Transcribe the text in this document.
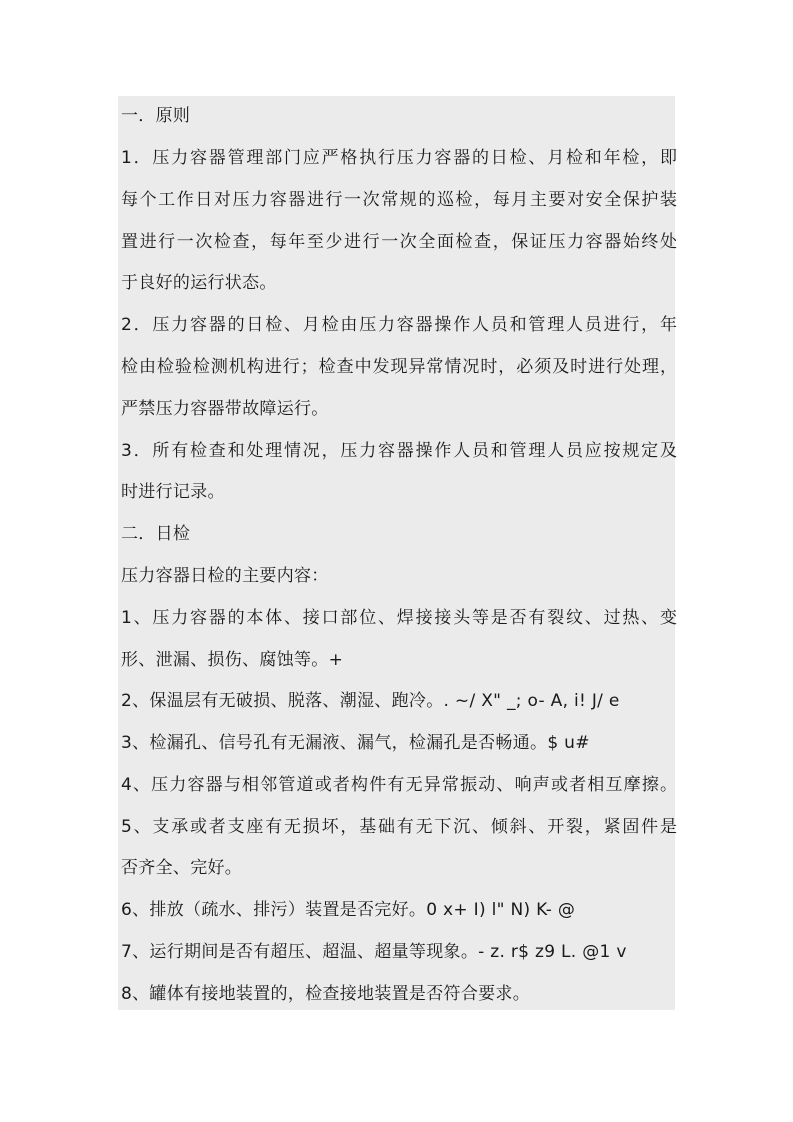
一．原则
1．压力容器管理部门应严格执行压力容器的日检、月检和年检，即
每个工作日对压力容器进行一次常规的巡检，每月主要对安全保护装
置进行一次检查，每年至少进行一次全面检查，保证压力容器始终处
于良好的运行状态。
2．压力容器的日检、月检由压力容器操作人员和管理人员进行，年
检由检验检测机构进行；检查中发现异常情况时，必须及时进行处理，
严禁压力容器带故障运行。
3．所有检查和处理情况，压力容器操作人员和管理人员应按规定及
时进行记录。
二．日检
压力容器日检的主要内容：
1、压力容器的本体、接口部位、焊接接头等是否有裂纹、过热、变
形、泄漏、损伤、腐蚀等。+
2、保温层有无破损、脱落、潮湿、跑冷。. ~/ X" _; o- A, i! J/ e
3、检漏孔、信号孔有无漏液、漏气，检漏孔是否畅通。$ u#
4、压力容器与相邻管道或者构件有无异常振动、响声或者相互摩擦。
5、支承或者支座有无损坏，基础有无下沉、倾斜、开裂，紧固件是
否齐全、完好。
6、排放（疏水、排污）装置是否完好。0 x+ I) l" N) K- @
7、运行期间是否有超压、超温、超量等现象。- z. r$ z9 L. @1 v
8、罐体有接地装置的，检查接地装置是否符合要求。
